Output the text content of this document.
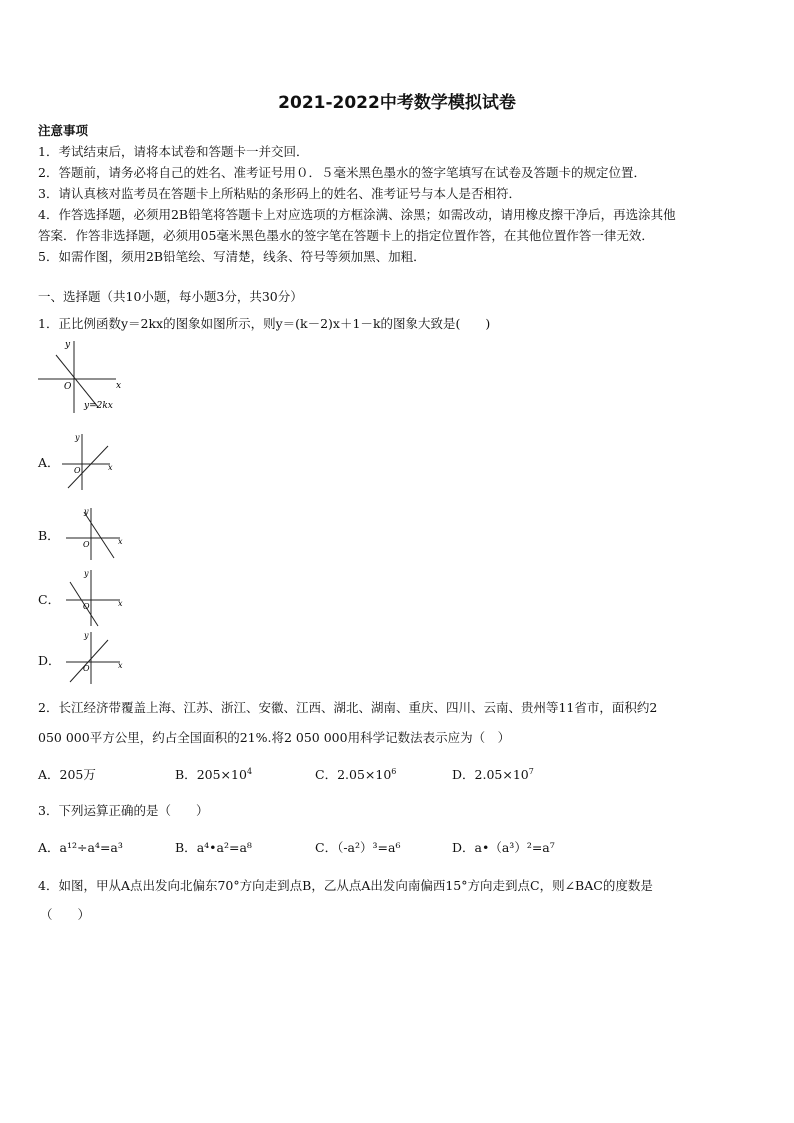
2021-2022中考数学模拟试卷
注意事项
1．考试结束后，请将本试卷和答题卡一并交回．
2．答题前，请务必将自己的姓名、准考证号用０．５毫米黑色墨水的签字笔填写在试卷及答题卡的规定位置．
3．请认真核对监考员在答题卡上所粘贴的条形码上的姓名、准考证号与本人是否相符．
4．作答选择题，必须用2B铅笔将答题卡上对应选项的方框涂满、涂黑；如需改动，请用橡皮擦干净后，再选涂其他
答案．作答非选择题，必须用05毫米黑色墨水的签字笔在答题卡上的指定位置作答，在其他位置作答一律无效．
5．如需作图，须用2B铅笔绘、写清楚，线条、符号等须加黑、加粗．
一、选择题（共10小题，每小题3分，共30分）
1．正比例函数y＝2kx的图象如图所示，则y＝(k－2)x＋1－k的图象大致是(　　)
y
x
O
y=2kx
A．
y
x
O
B．
y
x
O
C．
y
x
O
D．
y
x
O
2．长江经济带覆盖上海、江苏、浙江、安徽、江西、湖北、湖南、重庆、四川、云南、贵州等11省市，面积约2
050 000平方公里，约占全国面积的21%.将2 050 000用科学记数法表示应为（　）
A．205万	B．$205\times 10^4$	C．$2.05\times 10^6$	D．$2.05\times 10^7$
3．下列运算正确的是（　　）
A．a¹²÷a⁴=a³	B．a⁴•a²=a⁸	C．（-a²）³=a⁶	D．a•（a³）²=a⁷
4．如图，甲从A点出发向北偏东70°方向走到点B，乙从点A出发向南偏西15°方向走到点C，则∠BAC的度数是
（　　）
